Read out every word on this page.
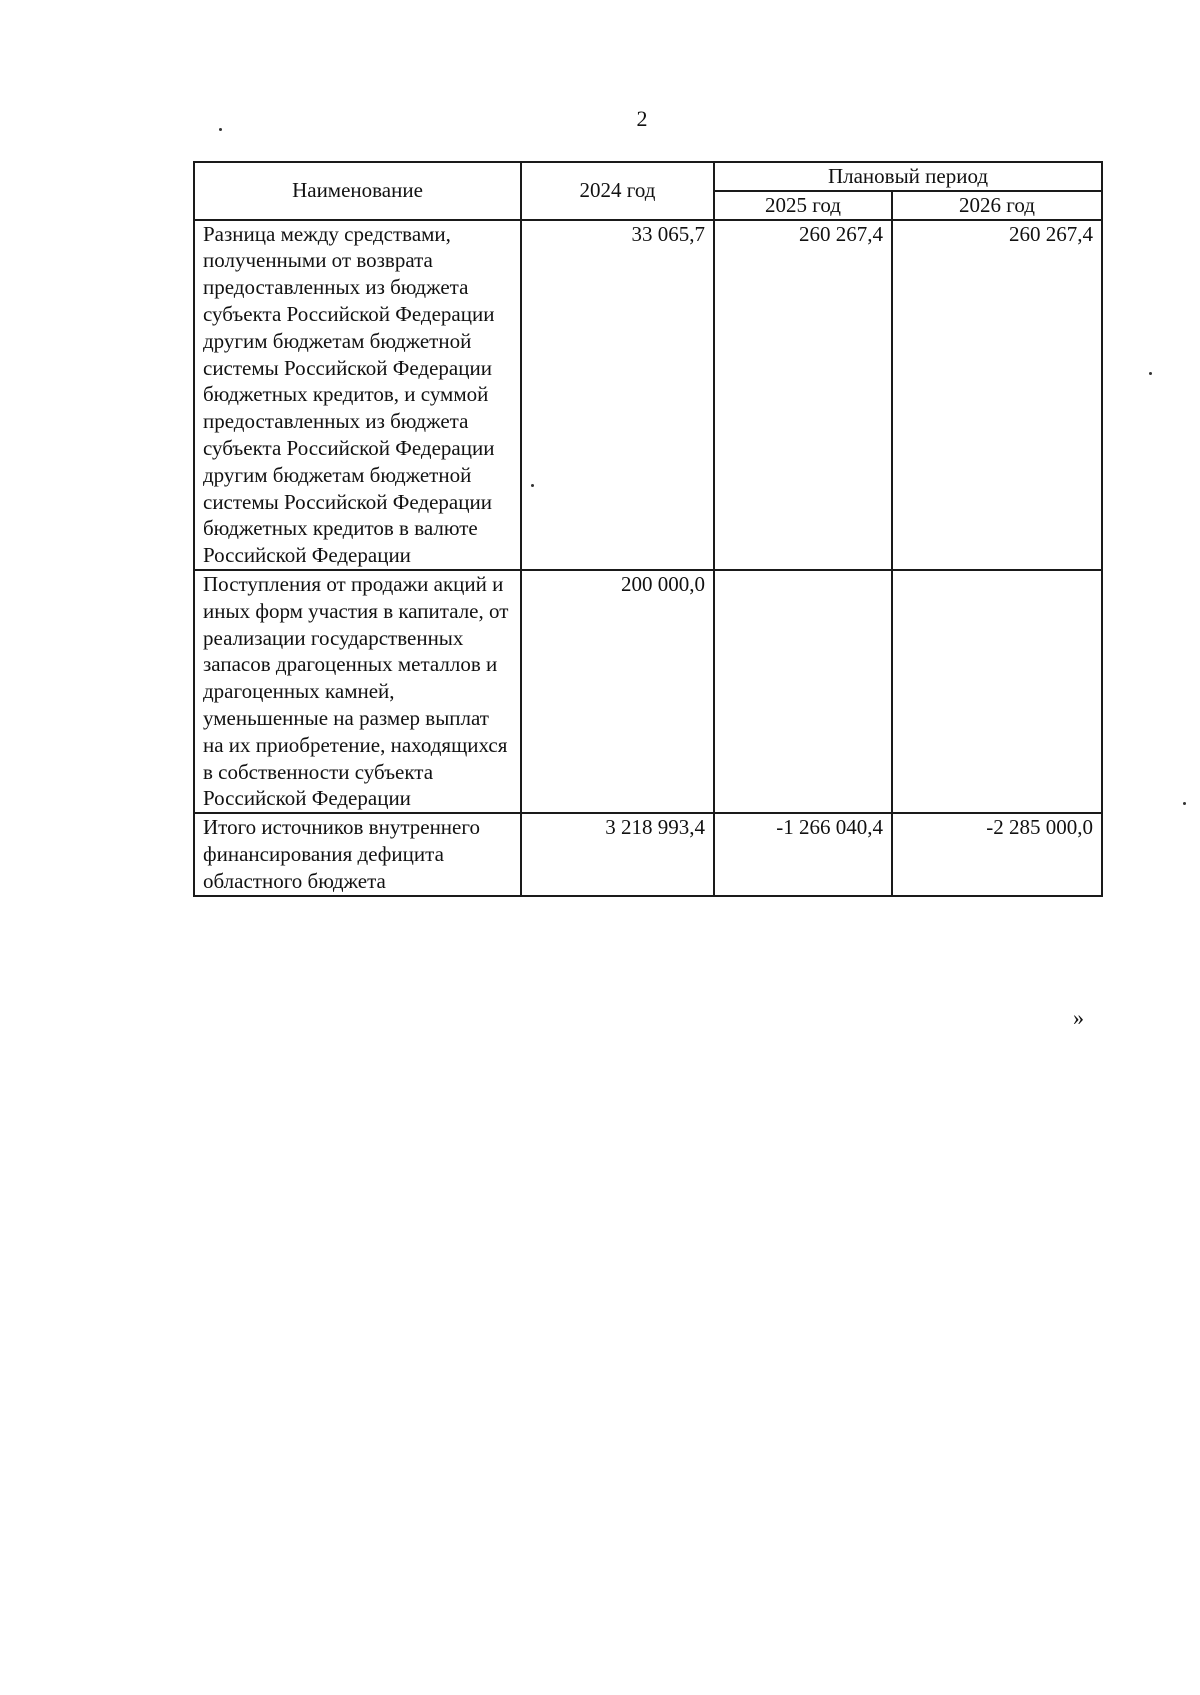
2
Наименование	2024 год	Плановый период	
		2025 год	2026 год
Разница между средствами, полученными от возврата предоставленных из бюджета субъекта Российской Федерации другим бюджетам бюджетной системы Российской Федерации бюджетных кредитов, и суммой предоставленных из бюджета субъекта Российской Федерации другим бюджетам бюджетной системы Российской Федерации бюджетных кредитов в валюте Российской Федерации	33 065,7	260 267,4	260 267,4
Поступления от продажи акций и иных форм участия в капитале, от реализации государственных запасов драгоценных металлов и драгоценных камней, уменьшенные на размер выплат на их приобретение, находящихся в собственности субъекта Российской Федерации	200 000,0		
Итого источников внутреннего финансирования дефицита областного бюджета	3 218 993,4	-1 266 040,4	-2 285 000,0
»
